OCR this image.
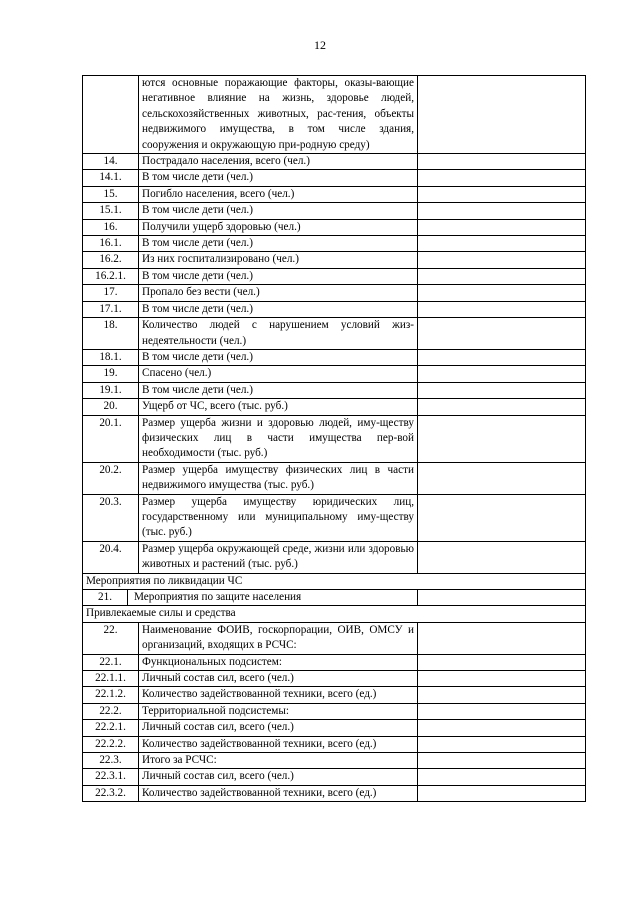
12
	ются основные поражающие факторы, оказы-вающие негативное влияние на жизнь, здоровье людей, сельскохозяйственных животных, рас-тения, объекты недвижимого имущества, в том числе здания, сооружения и окружающую при-родную среду)	
14.	Пострадало населения, всего (чел.)	
14.1.	В том числе дети (чел.)	
15.	Погибло населения, всего (чел.)	
15.1.	В том числе дети (чел.)	
16.	Получили ущерб здоровью (чел.)	
16.1.	В том числе дети (чел.)	
16.2.	Из них госпитализировано (чел.)	
16.2.1.	В том числе дети (чел.)	
17.	Пропало без вести (чел.)	
17.1.	В том числе дети (чел.)	
18.	Количество людей с нарушением условий жиз-недеятельности (чел.)	
18.1.	В том числе дети (чел.)	
19.	Спасено (чел.)	
19.1.	В том числе дети (чел.)	
20.	Ущерб от ЧС, всего (тыс. руб.)	
20.1.	Размер ущерба жизни и здоровью людей, иму-ществу физических лиц в части имущества пер-вой необходимости (тыс. руб.)	
20.2.	Размер ущерба имуществу физических лиц в части недвижимого имущества (тыс. руб.)	
20.3.	Размер ущерба имуществу юридических лиц, государственному или муниципальному иму-ществу (тыс. руб.)	
20.4.	Размер ущерба окружающей среде, жизни или здоровью животных и растений (тыс. руб.)	
Мероприятия по ликвидации ЧС		

21. Мероприятия по защите населения		

Привлекаемые силы и средства		
22.	Наименование ФОИВ, госкорпорации, ОИВ, ОМСУ и организаций, входящих в РСЧС:	
22.1.	Функциональных подсистем:	
22.1.1.	Личный состав сил, всего (чел.)	
22.1.2.	Количество задействованной техники, всего (ед.)	
22.2.	Территориальной подсистемы:	
22.2.1.	Личный состав сил, всего (чел.)	
22.2.2.	Количество задействованной техники, всего (ед.)	
22.3.	Итого за РСЧС:	
22.3.1.	Личный состав сил, всего (чел.)	
22.3.2.	Количество задействованной техники, всего (ед.)	
